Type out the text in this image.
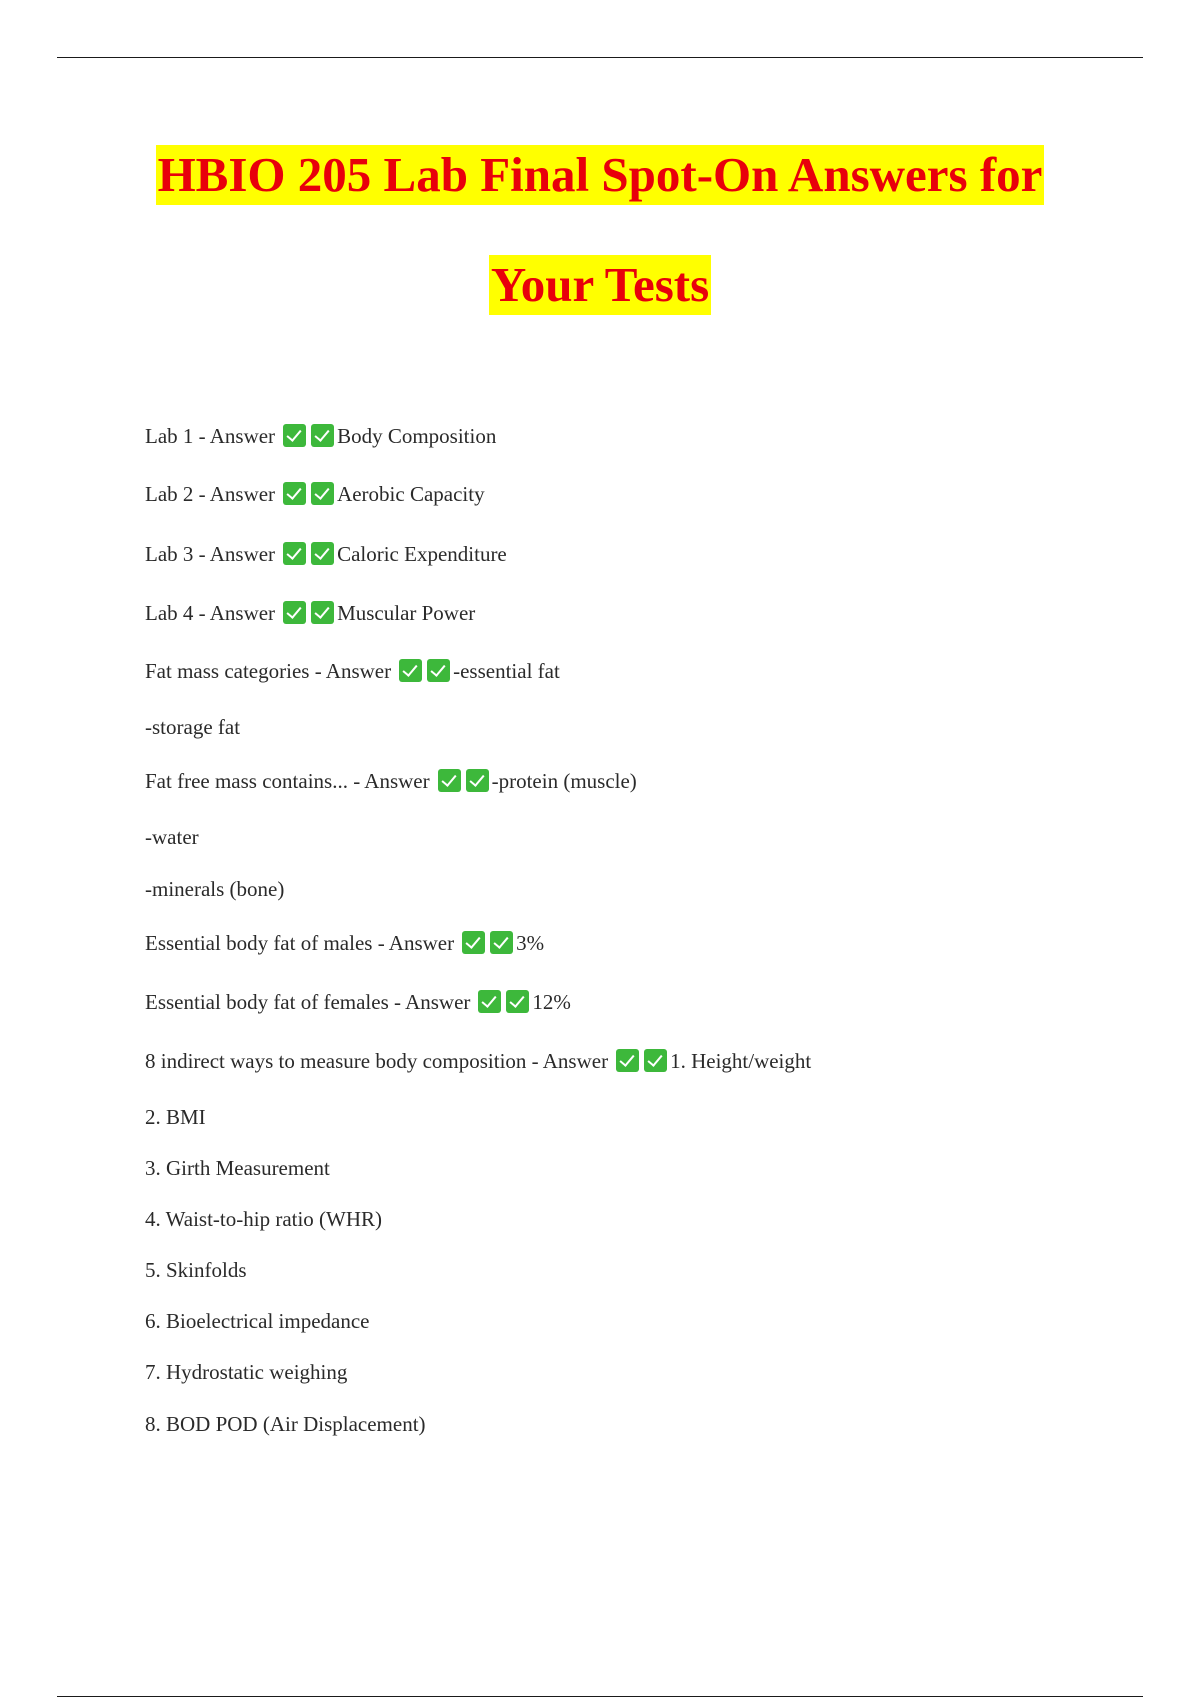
HBIO 205 Lab Final Spot-On Answers for
Your Tests
Lab 1 - Answer	Body Composition
Lab 2 - Answer	Aerobic Capacity
Lab 3 - Answer	Caloric Expenditure
Lab 4 - Answer	Muscular Power
Fat mass categories - Answer	-essential fat
-storage fat
Fat free mass contains... - Answer	-protein (muscle)
-water
-minerals (bone)
Essential body fat of males - Answer	3%
Essential body fat of females - Answer	12%
8 indirect ways to measure body composition - Answer	1. Height/weight
2. BMI
3. Girth Measurement
4. Waist-to-hip ratio (WHR)
5. Skinfolds
6. Bioelectrical impedance
7. Hydrostatic weighing
8. BOD POD (Air Displacement)
